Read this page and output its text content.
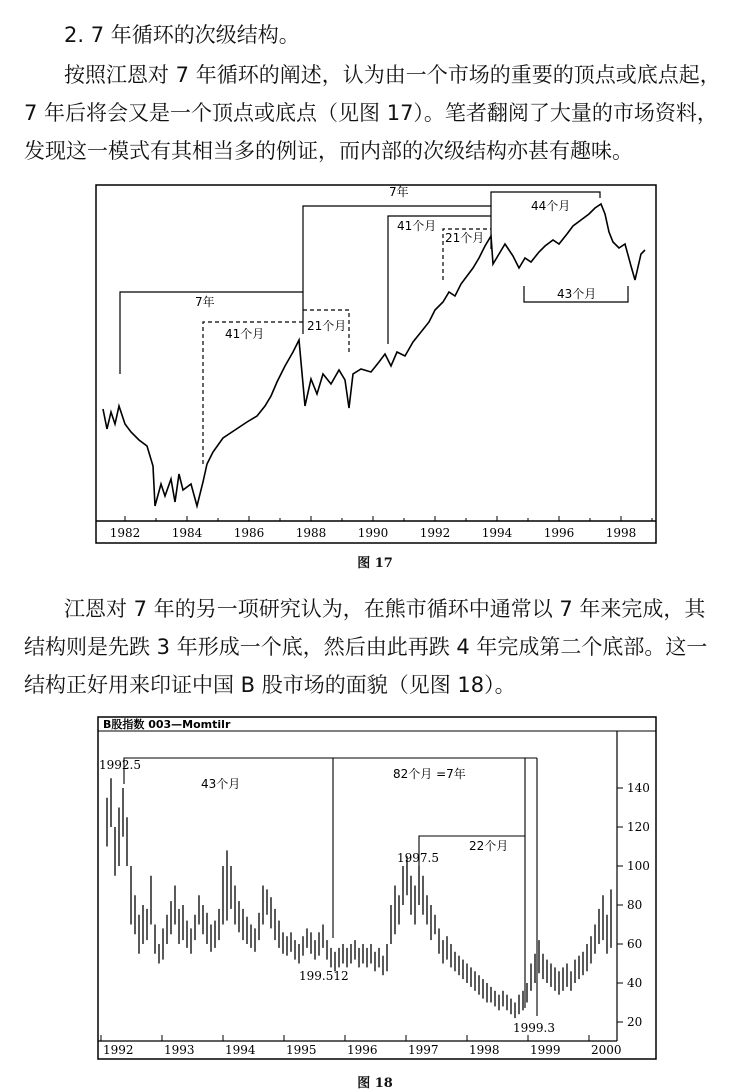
2. 7 年循环的次级结构。
按照江恩对 7 年循环的阐述，认为由一个市场的重要的顶点或底点起，7 年后将会又是一个顶点或底点（见图 17）。笔者翻阅了大量的市场资料，发现这一模式有其相当多的例证，而内部的次级结构亦甚有趣味。
1982	1984	1986	1988	1990	1992	1994	1996	1998
7年
7年
41个月
21个月
41个月
21个月
44个月
43个月
图 17
江恩对 7 年的另一项研究认为，在熊市循环中通常以 7 年来完成，其结构则是先跌 3 年形成一个底，然后由此再跌 4 年完成第二个底部。这一结构正好用来印证中国 B 股市场的面貌（见图 18）。
B股指数 003—Momtilr
140
120
100
80
60
40
20
1992	1993	1994	1995	1996	1997	1998	1999	2000
1992.5
43个月
82个月 =7年
1997.5
22个月
199.512
1999.3
图 18
